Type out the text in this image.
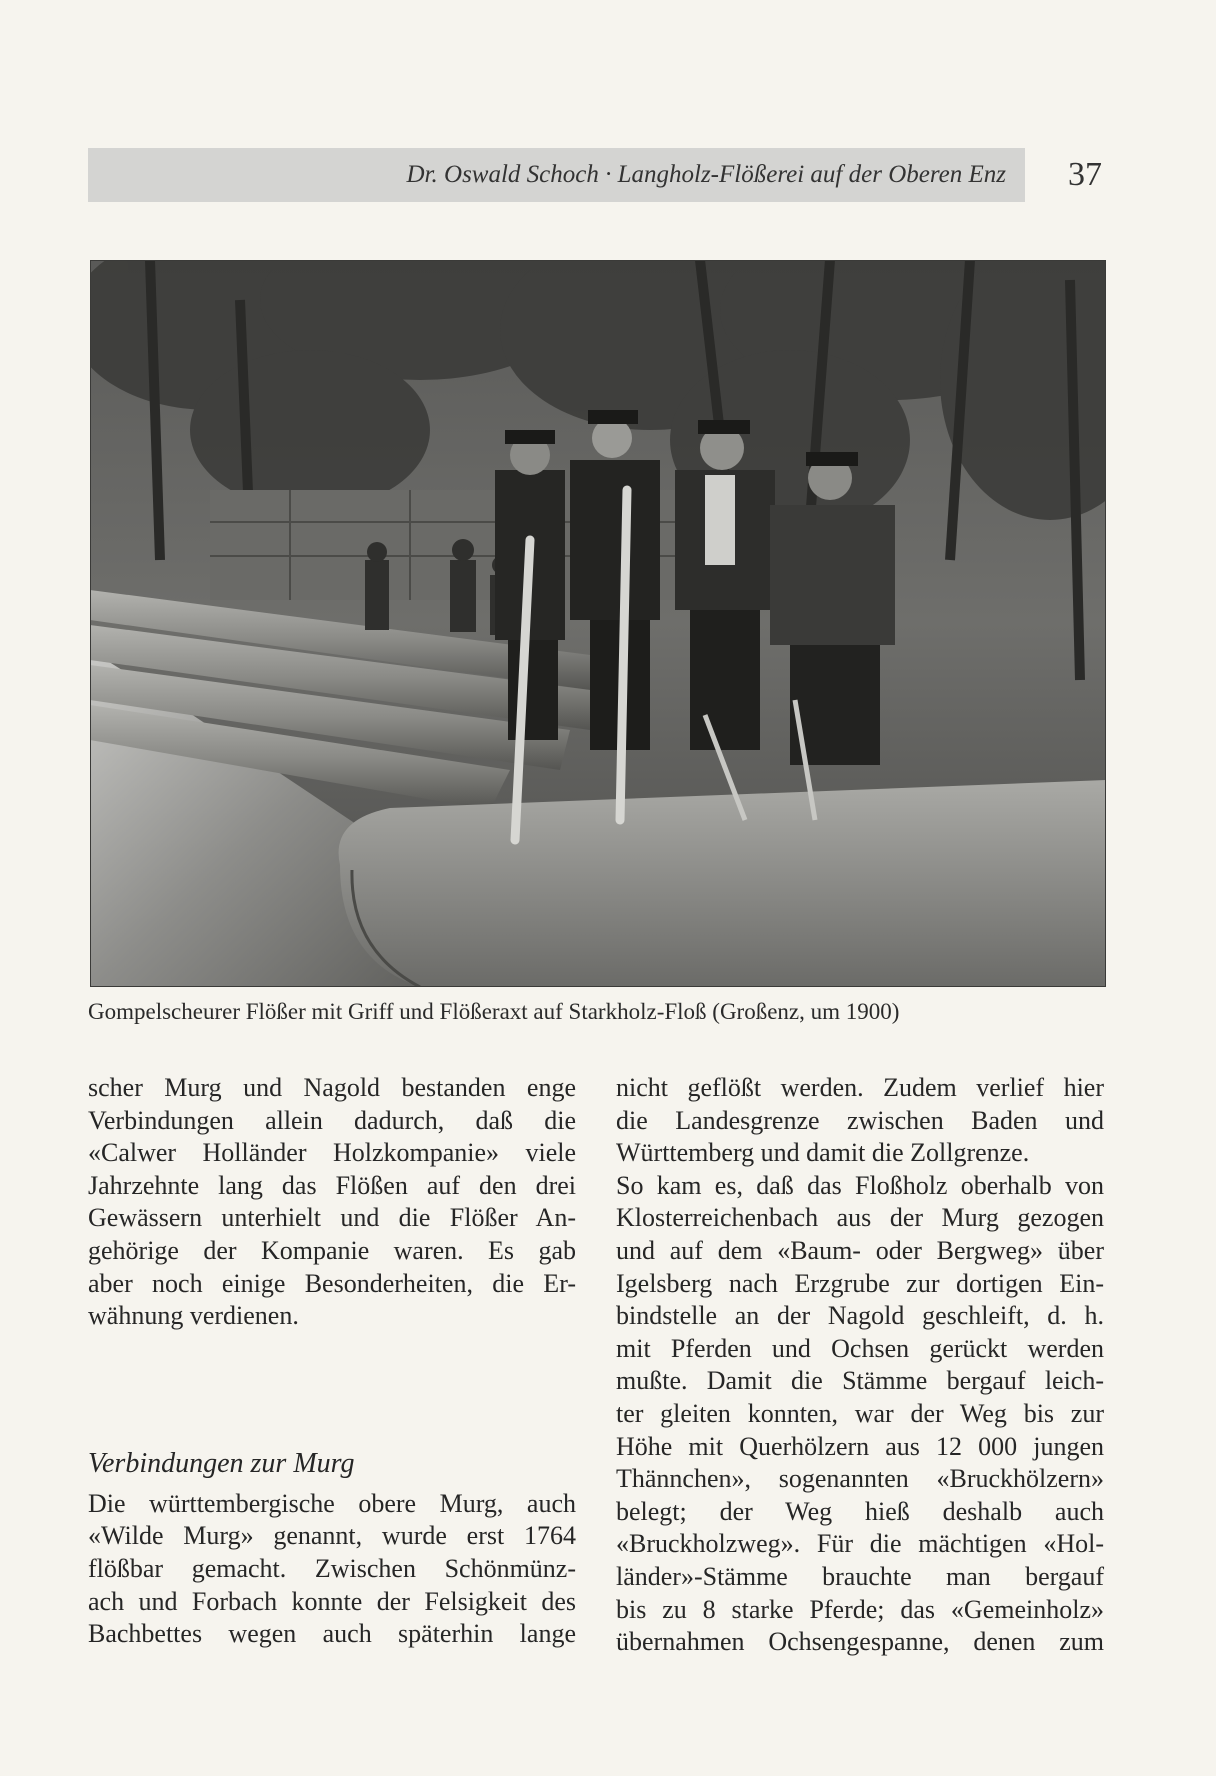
Dr. Oswald Schoch · Langholz-Flößerei auf der Oberen Enz 37
Gompelscheurer Flößer mit Griff und Flößeraxt auf Starkholz-Floß (Großenz, um 1900)
scher Murg und Nagold bestanden enge
Verbindungen allein dadurch, daß die
«Calwer Holländer Holzkompanie» viele
Jahrzehnte lang das Flößen auf den drei
Gewässern unterhielt und die Flößer An-
gehörige der Kompanie waren. Es gab
aber noch einige Besonderheiten, die Er-
wähnung verdienen.
Verbindungen zur Murg
Die württembergische obere Murg, auch
«Wilde Murg» genannt, wurde erst 1764
flößbar gemacht. Zwischen Schönmünz-
ach und Forbach konnte der Felsigkeit des
Bachbettes wegen auch späterhin lange
nicht geflößt werden. Zudem verlief hier
die Landesgrenze zwischen Baden und
Württemberg und damit die Zollgrenze.
So kam es, daß das Floßholz oberhalb von
Klosterreichenbach aus der Murg gezogen
und auf dem «Baum- oder Bergweg» über
Igelsberg nach Erzgrube zur dortigen Ein-
bindstelle an der Nagold geschleift, d. h.
mit Pferden und Ochsen gerückt werden
mußte. Damit die Stämme bergauf leich-
ter gleiten konnten, war der Weg bis zur
Höhe mit Querhölzern aus 12 000 jungen
Thännchen», sogenannten «Bruckhölzern»
belegt; der Weg hieß deshalb auch
«Bruckholzweg». Für die mächtigen «Hol-
länder»-Stämme brauchte man bergauf
bis zu 8 starke Pferde; das «Gemeinholz»
übernahmen Ochsengespanne, denen zum
